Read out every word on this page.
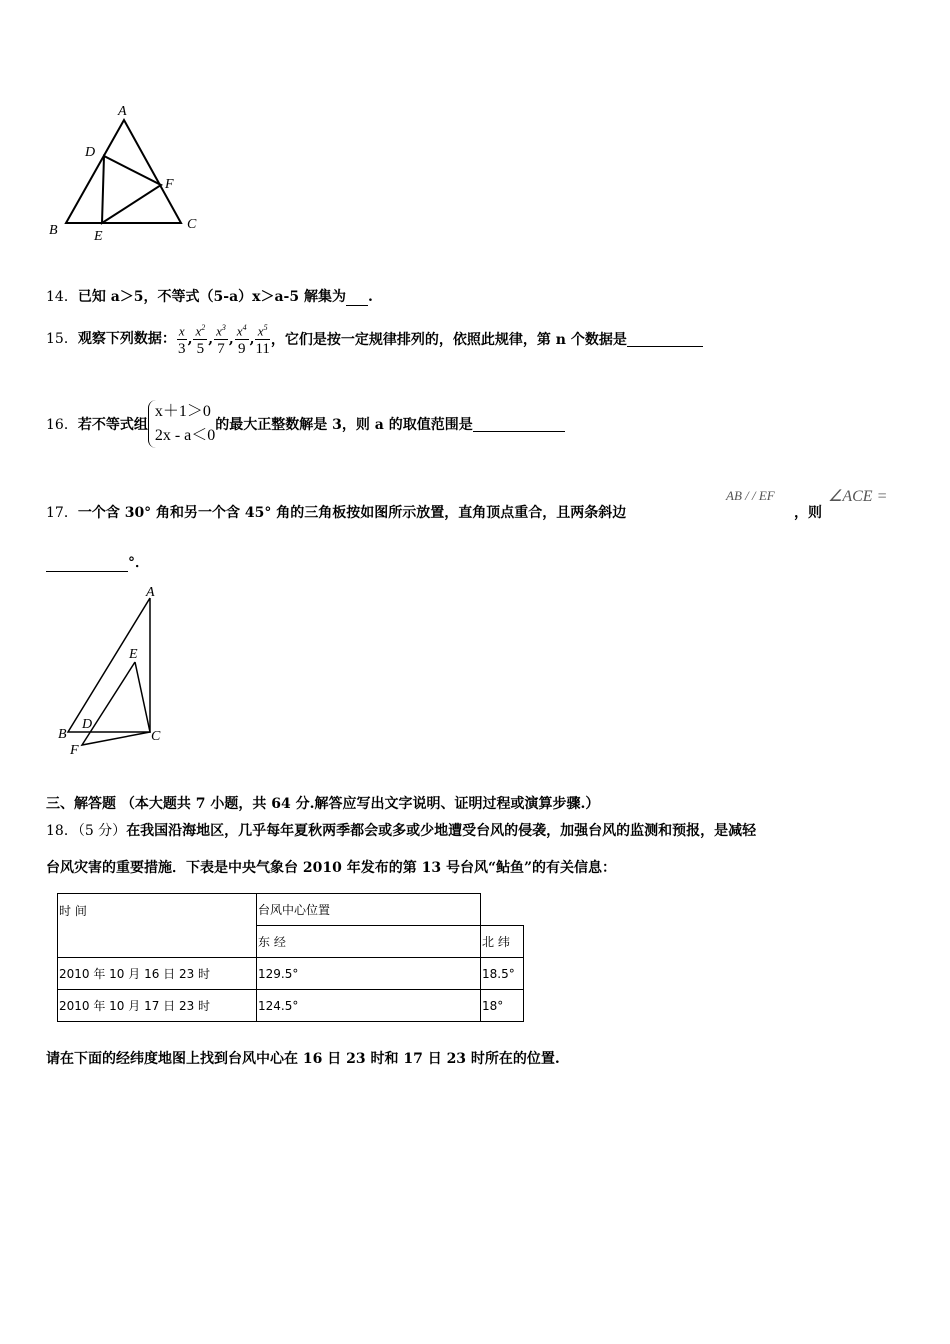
A
D
F
B	E
C
14．已知 a＞5，不等式（5-a）x＞a-5 解集为 .
15．观察下列数据： $\frac{x}{3}$ , $\frac{x^2}{5}$ , $\frac{x^3}{7}$ , $\frac{x^4}{9}$ , $\frac{x^5}{11}$ ，它们是按一定规律排列的，依照此规律，第 n 个数据是
16．若不等式组
x＋1＞0
2x - a＜0
的最大正整数解是 3，则 a 的取值范围是
17．一个含 30° 角和另一个含 45° 角的三角板按如图所示放置，直角顶点重合，且两条斜边
AB / / EF
，则
∠ACE =
°．
A
E
B
D
C
F
三、解答题 （本大题共 7 小题，共 64 分.解答应写出文字说明、证明过程或演算步骤.）
18．（5 分）在我国沿海地区，几乎每年夏秋两季都会或多或少地遭受台风的侵袭，加强台风的监测和预报，是减轻
台风灾害的重要措施．下表是中央气象台 2010 年发布的第 13 号台风“鲇鱼”的有关信息：
时 间	台风中心位置	
	东 经	北 纬
2010 年 10 月 16 日 23 时	129.5°	18.5°
2010 年 10 月 17 日 23 时	124.5°	18°
请在下面的经纬度地图上找到台风中心在 16 日 23 时和 17 日 23 时所在的位置.
